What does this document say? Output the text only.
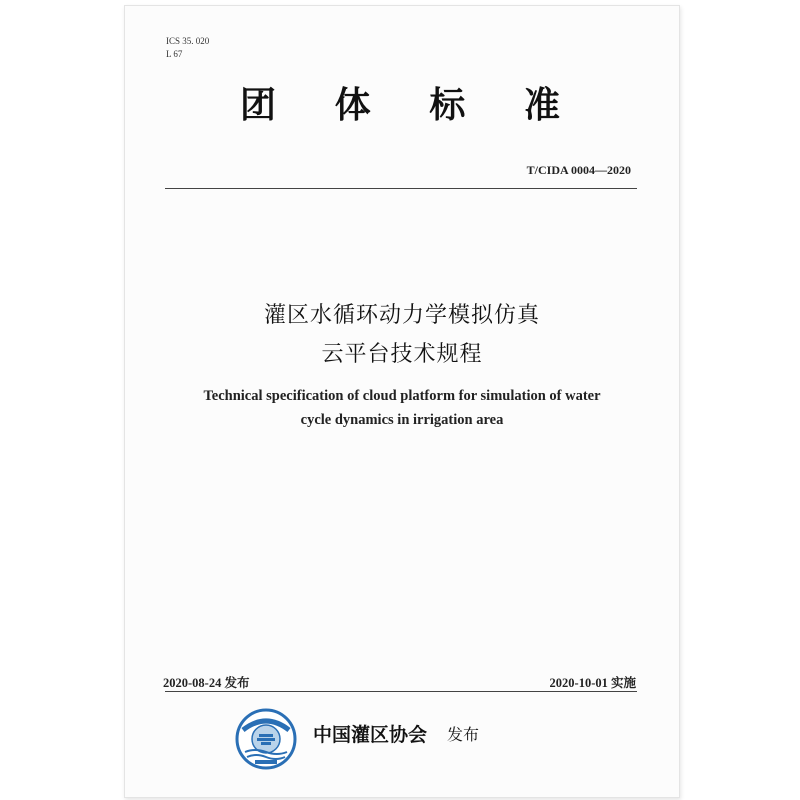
ICS 35. 020
L 67
团 体 标 准
T/CIDA 0004—2020
灌区水循环动力学模拟仿真
云平台技术规程
Technical specification of cloud platform for simulation of water
cycle dynamics in irrigation area
2020-08-24 发布	2020-10-01 实施
中国灌区协会 发布
